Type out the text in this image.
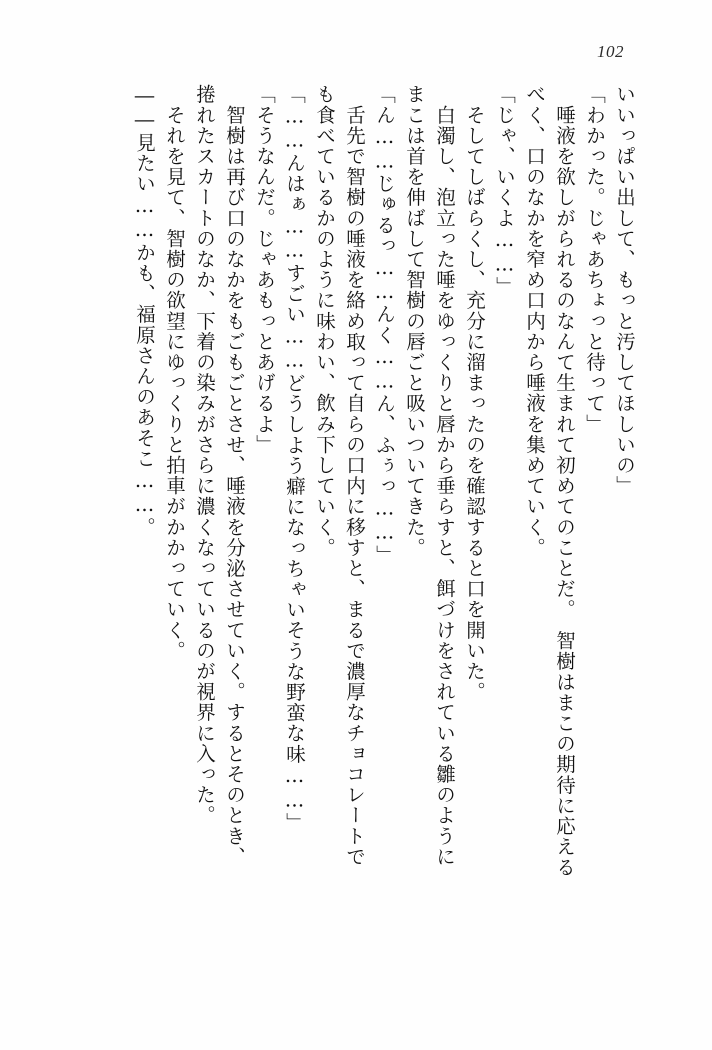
102
いいっぱい出して、もっと汚してほしいの」
「わかった。じゃあちょっと待って」
　唾液を欲しがられるのなんて生まれて初めてのことだ。　智樹はまこの期待に応える
べく、口のなかを窄め口内から唾液を集めていく。
「じゃ、いくよ……」
　そしてしばらくし、充分に溜まったのを確認すると口を開いた。
　白濁し、泡立った唾をゆっくりと唇から垂らすと、餌づけをされている雛のように
まこは首を伸ばして智樹の唇ごと吸いついてきた。
「ん……じゅるっ……んく……ん、ふぅっ……」
　舌先で智樹の唾液を絡め取って自らの口内に移すと、まるで濃厚なチョコレートで
も食べているかのように味わい、飲み下していく。
「……んはぁ……すごい……どうしよう癖になっちゃいそうな野蛮な味……」
「そうなんだ。じゃあもっとあげるよ」
　智樹は再び口のなかをもごもごとさせ、唾液を分泌させていく。するとそのとき、
捲れたスカートのなか、下着の染みがさらに濃くなっているのが視界に入った。
　それを見て、智樹の欲望にゆっくりと拍車がかかっていく。
――見たい……かも、福原さんのあそこ……。
